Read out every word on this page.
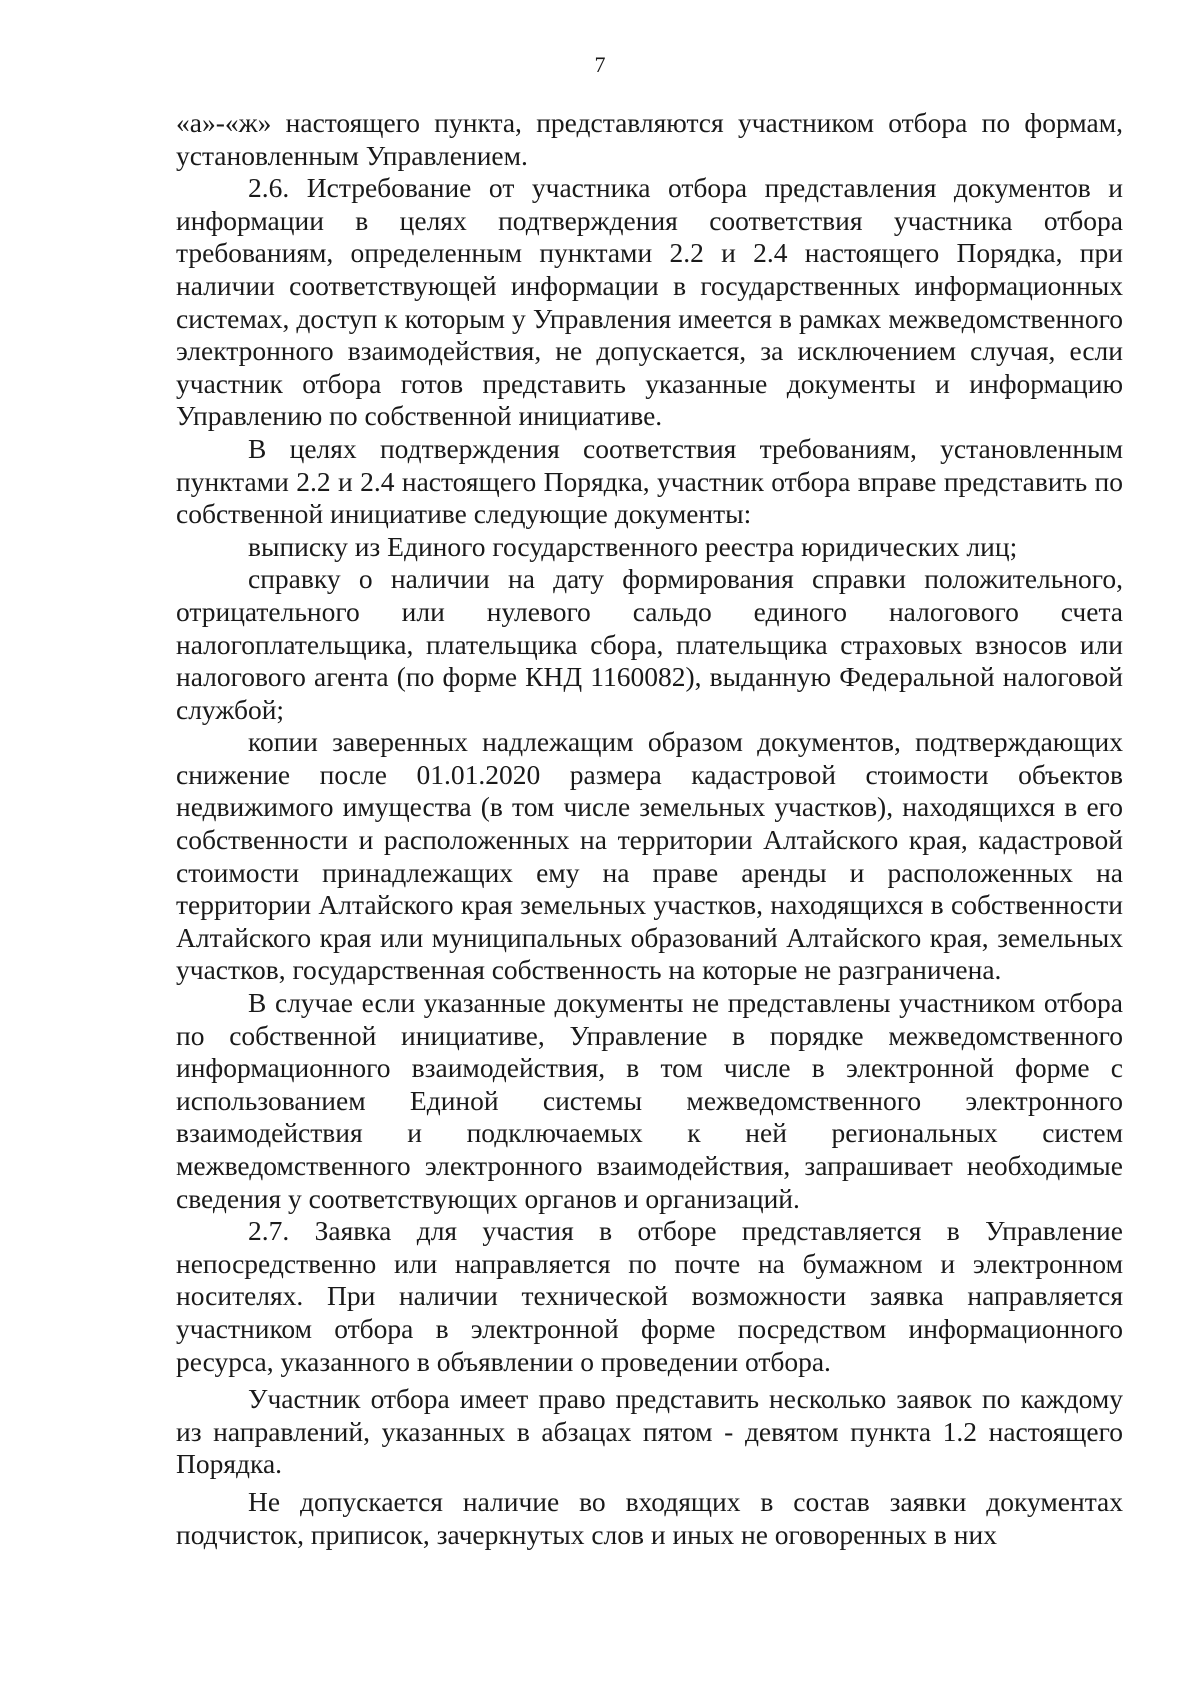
7

«а»-«ж» настоящего пункта, представляются участником отбора по формам, установленным Управлением.

2.6. Истребование от участника отбора представления документов и информации в целях подтверждения соответствия участника отбора требованиям, определенным пунктами 2.2 и 2.4 настоящего Порядка, при наличии соответствующей информации в государственных информационных системах, доступ к которым у Управления имеется в рамках межведомственного электронного взаимодействия, не допускается, за исключением случая, если участник отбора готов представить указанные документы и информацию Управлению по собственной инициативе.

В целях подтверждения соответствия требованиям, установленным пунктами 2.2 и 2.4 настоящего Порядка, участник отбора вправе представить по собственной инициативе следующие документы:

выписку из Единого государственного реестра юридических лиц;

справку о наличии на дату формирования справки положительного, отрицательного или нулевого сальдо единого налогового счета налогоплательщика, плательщика сбора, плательщика страховых взносов или налогового агента (по форме КНД 1160082), выданную Федеральной налоговой службой;

копии заверенных надлежащим образом документов, подтверждающих снижение после 01.01.2020 размера кадастровой стоимости объектов недвижимого имущества (в том числе земельных участков), находящихся в его собственности и расположенных на территории Алтайского края, кадастровой стоимости принадлежащих ему на праве аренды и расположенных на территории Алтайского края земельных участков, находящихся в собственности Алтайского края или муниципальных образований Алтайского края, земельных участков, государственная собственность на которые не разграничена.

В случае если указанные документы не представлены участником отбора по собственной инициативе, Управление в порядке межведомственного информационного взаимодействия, в том числе в электронной форме с использованием Единой системы межведомственного электронного взаимодействия и подключаемых к ней региональных систем межведомственного электронного взаимодействия, запрашивает необходимые сведения у соответствующих органов и организаций.

2.7. Заявка для участия в отборе представляется в Управление непосредственно или направляется по почте на бумажном и электронном носителях. При наличии технической возможности заявка направляется участником отбора в электронной форме посредством информационного ресурса, указанного в объявлении о проведении отбора.

Участник отбора имеет право представить несколько заявок по каждому из направлений, указанных в абзацах пятом - девятом пункта 1.2 настоящего Порядка.

Не допускается наличие во входящих в состав заявки документах подчисток, приписок, зачеркнутых слов и иных не оговоренных в них
